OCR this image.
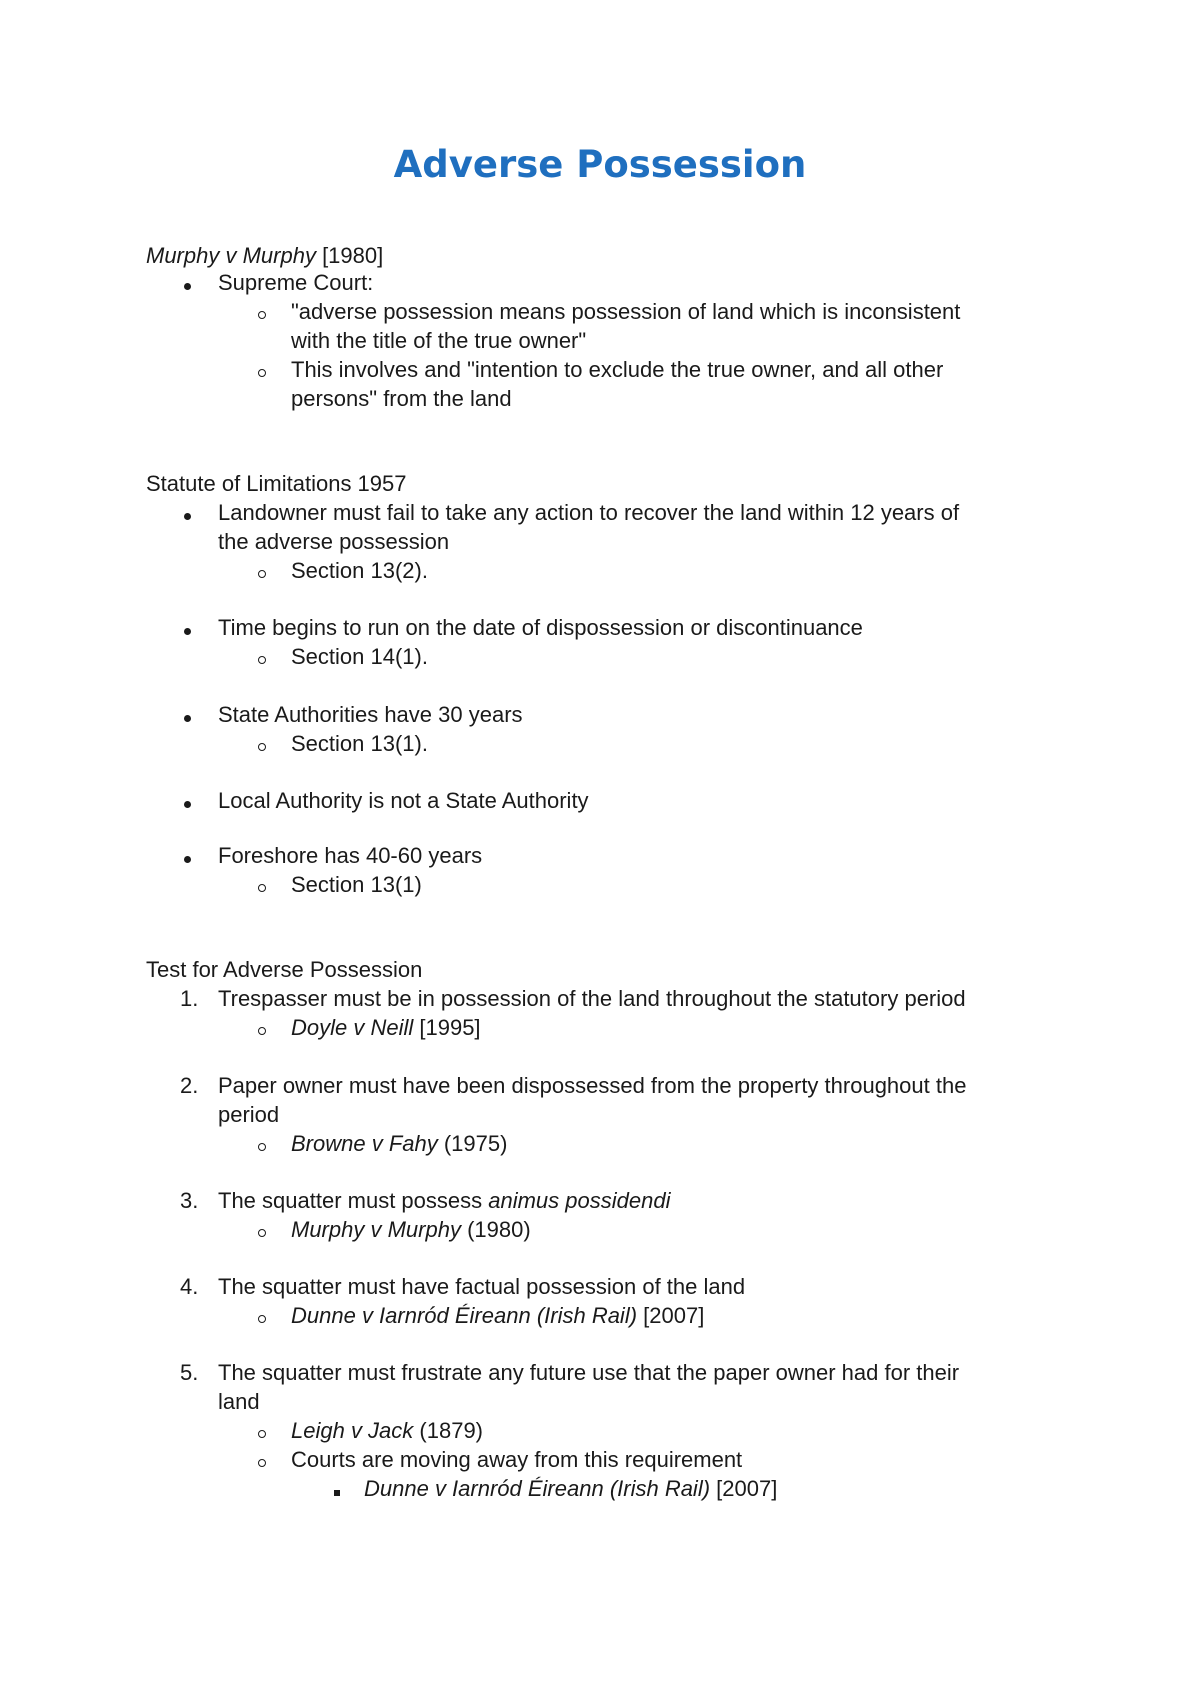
Adverse Possession
Murphy v Murphy [1980]
Supreme Court:
"adverse possession means possession of land which is inconsistent
with the title of the true owner"
This involves and "intention to exclude the true owner, and all other
persons" from the land
Statute of Limitations 1957
Landowner must fail to take any action to recover the land within 12 years of
the adverse possession
Section 13(2).
Time begins to run on the date of dispossession or discontinuance
Section 14(1).
State Authorities have 30 years
Section 13(1).
Local Authority is not a State Authority
Foreshore has 40-60 years
Section 13(1)
Test for Adverse Possession
1. Trespasser must be in possession of the land throughout the statutory period
Doyle v Neill [1995]
2. Paper owner must have been dispossessed from the property throughout the
period
Browne v Fahy (1975)
3. The squatter must possess animus possidendi
Murphy v Murphy (1980)
4. The squatter must have factual possession of the land
Dunne v Iarnród Éireann (Irish Rail) [2007]
5. The squatter must frustrate any future use that the paper owner had for their
land
Leigh v Jack (1879)
Courts are moving away from this requirement
Dunne v Iarnród Éireann (Irish Rail) [2007]
